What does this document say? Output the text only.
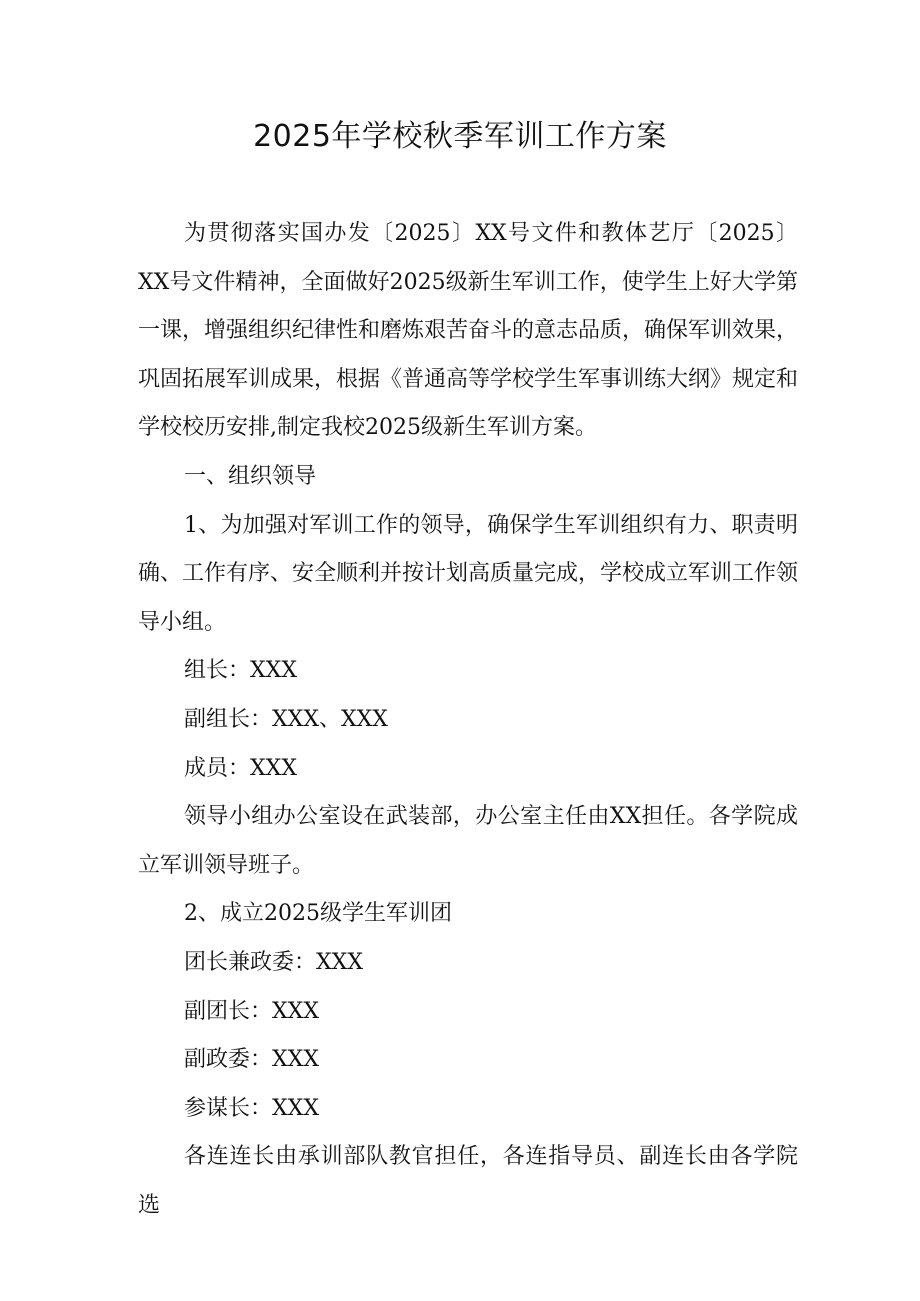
2025年学校秋季军训工作方案

为贯彻落实国办发〔2025〕XX号文件和教体艺厅〔2025〕XX号文件精神，全面做好2025级新生军训工作，使学生上好大学第一课，增强组织纪律性和磨炼艰苦奋斗的意志品质，确保军训效果，巩固拓展军训成果，根据《普通高等学校学生军事训练大纲》规定和学校校历安排,制定我校2025级新生军训方案。

一、组织领导

1、为加强对军训工作的领导，确保学生军训组织有力、职责明确、工作有序、安全顺利并按计划高质量完成，学校成立军训工作领导小组。

组长：XXX

副组长：XXX、XXX

成员：XXX

领导小组办公室设在武装部，办公室主任由XX担任。各学院成立军训领导班子。

2、成立2025级学生军训团

团长兼政委：XXX

副团长：XXX

副政委：XXX

参谋长：XXX

各连连长由承训部队教官担任，各连指导员、副连长由各学院选
